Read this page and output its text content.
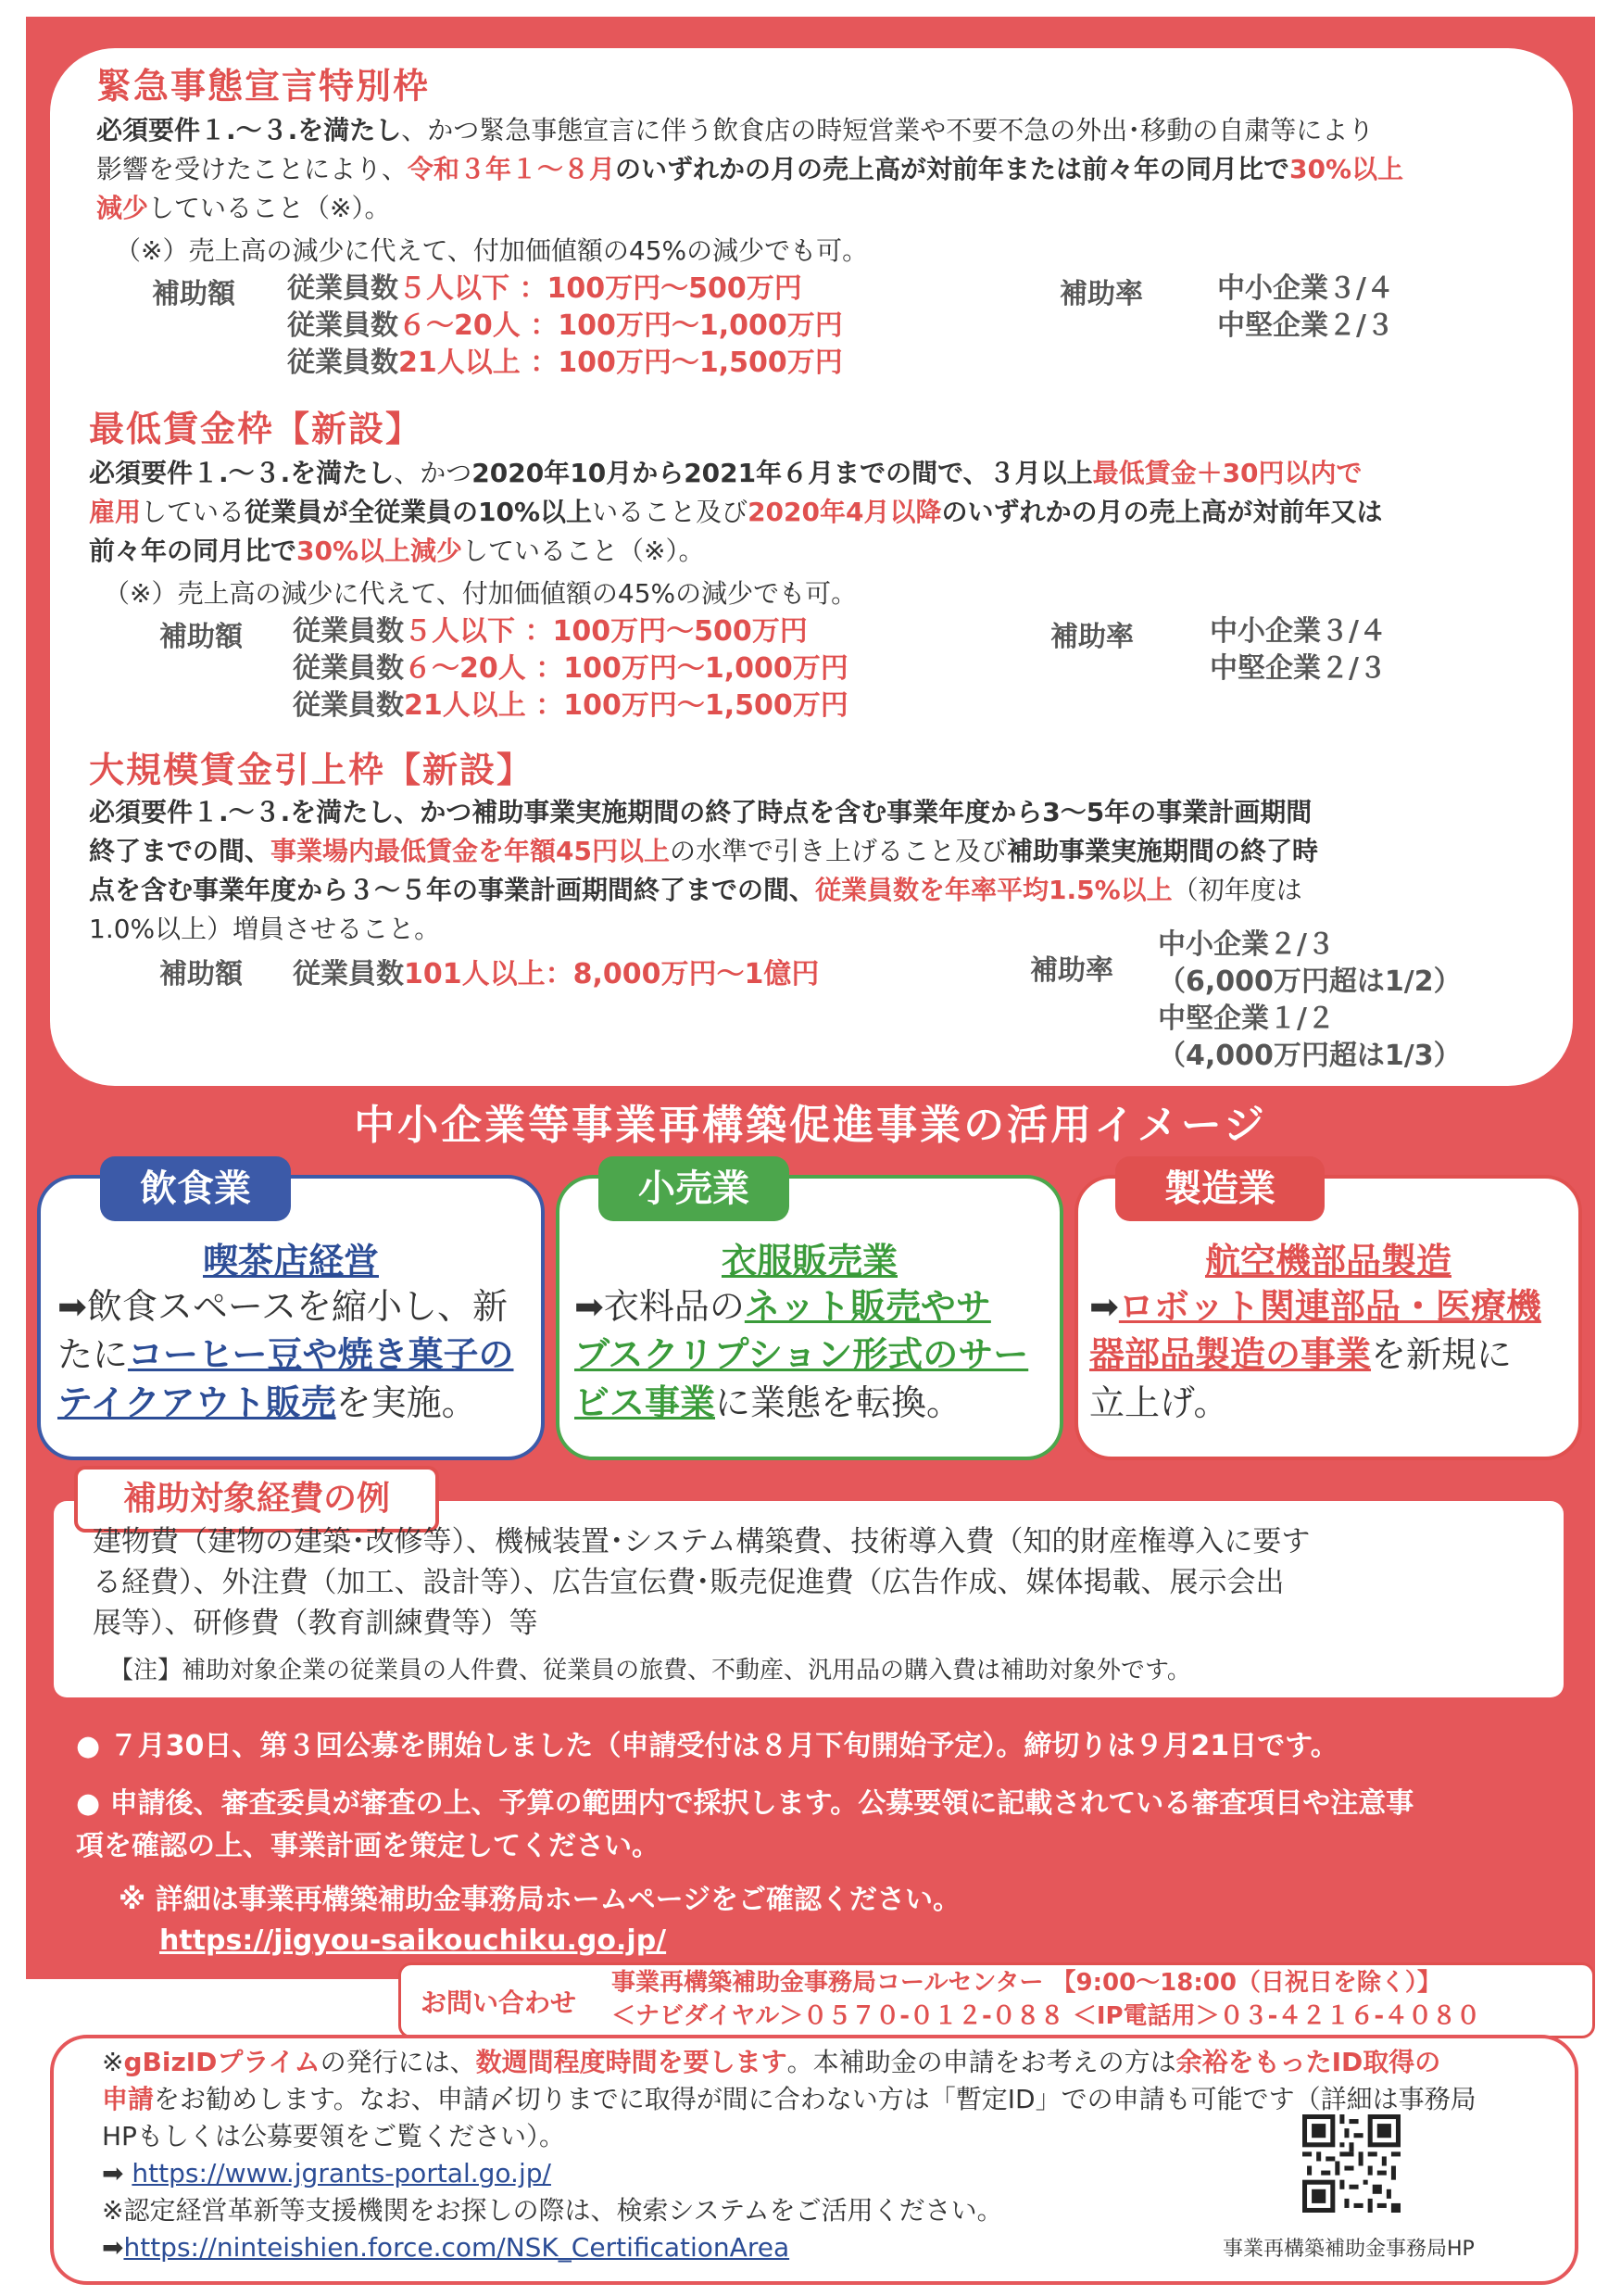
緊急事態宣言特別枠
必須要件１.～３.を満たし、かつ緊急事態宣言に伴う飲食店の時短営業や不要不急の外出･移動の自粛等により
影響を受けたことにより、令和３年１～８月のいずれかの月の売上高が対前年または前々年の同月比で30%以上
減少していること（※）。
（※）売上高の減少に代えて、付加価値額の45%の減少でも可。
補助額 従業員数５人以下 ：100万円～500万円
従業員数６～20人 ：100万円～1,000万円
従業員数21人以上 ：100万円～1,500万円
補助率	中小企業３/４
中堅企業２/３
最低賃金枠【新設】
必須要件１.～３.を満たし、かつ2020年10月から2021年６月までの間で、３月以上最低賃金＋30円以内で
雇用している従業員が全従業員の10%以上いること及び2020年4月以降のいずれかの月の売上高が対前年又は
前々年の同月比で30%以上減少していること（※）。
（※）売上高の減少に代えて、付加価値額の45%の減少でも可。
補助額 従業員数５人以下 ：100万円～500万円
従業員数６～20人 ：100万円～1,000万円
従業員数21人以上 ：100万円～1,500万円
補助率	中小企業３/４
中堅企業２/３
大規模賃金引上枠【新設】
必須要件１.～３.を満たし、かつ補助事業実施期間の終了時点を含む事業年度から3～5年の事業計画期間
終了までの間、事業場内最低賃金を年額45円以上の水準で引き上げること及び補助事業実施期間の終了時
点を含む事業年度から３～５年の事業計画期間終了までの間、従業員数を年率平均1.5%以上（初年度は
1.0%以上）増員させること。
補助額 従業員数101人以上：8,000万円～1億円	補助率
中小企業２/３
（6,000万円超は1/2）
中堅企業１/２
（4,000万円超は1/3）
中小企業等事業再構築促進事業の活用イメージ
飲食業
喫茶店経営
➡飲食スペースを縮小し、新
たにコーヒー豆や焼き菓子の
テイクアウト販売を実施。
小売業
衣服販売業
➡衣料品のネット販売やサ
ブスクリプション形式のサー
ビス事業に業態を転換。
製造業
航空機部品製造
➡ロボット関連部品・医療機
器部品製造の事業を新規に
立上げ。
補助対象経費の例
建物費（建物の建築･改修等）、機械装置･システム構築費、技術導入費（知的財産権導入に要す
る経費）、外注費（加工、設計等）、広告宣伝費･販売促進費（広告作成、媒体掲載、展示会出
展等）、研修費（教育訓練費等）等
【注】補助対象企業の従業員の人件費、従業員の旅費、不動産、汎用品の購入費は補助対象外です。
● ７月30日、第３回公募を開始しました（申請受付は８月下旬開始予定）。締切りは９月21日です。
● 申請後、審査委員が審査の上、予算の範囲内で採択します。公募要領に記載されている審査項目や注意事
項を確認の上、事業計画を策定してください。
※ 詳細は事業再構築補助金事務局ホームページをご確認ください。
https://jigyou-saikouchiku.go.jp/
お問い合わせ
事業再構築補助金事務局コールセンター 【9:00～18:00（日祝日を除く）】
＜ナビダイヤル＞０５７０-０１２-０８８ ＜IP電話用＞０３-４２１６-４０８０
※gBizIDプライムの発行には、数週間程度時間を要します。本補助金の申請をお考えの方は余裕をもったID取得の
申請をお勧めします。なお、申請〆切りまでに取得が間に合わない方は「暫定ID」での申請も可能です（詳細は事務局
HPもしくは公募要領をご覧ください）。
➡ https://www.jgrants-portal.go.jp/
※認定経営革新等支援機関をお探しの際は、検索システムをご活用ください。
➡https://ninteishien.force.com/NSK_CertificationArea	事業再構築補助金事務局HP
